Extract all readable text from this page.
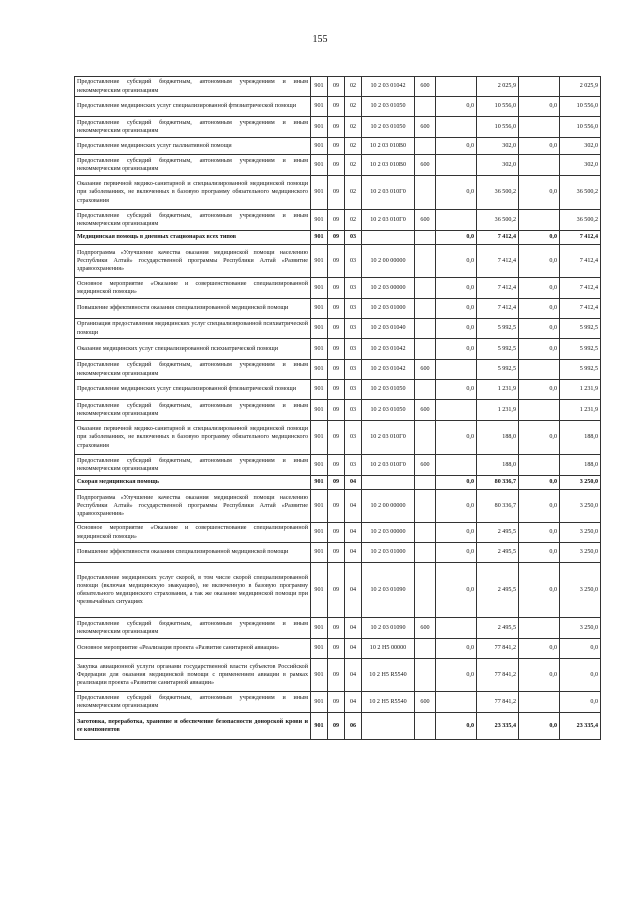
155
Предоставление субсидий бюджетным, автономным учреждениям и иным некоммерческим организациям	901	09	02	10 2 03 01042	600		2 025,9		2 025,9
Предоставление медицинских услуг специализированной фтизиатрической помощи	901	09	02	10 2 03 01050		0,0	10 556,0	0,0	10 556,0
Предоставление субсидий бюджетным, автономным учреждениям и иным некоммерческим организациям	901	09	02	10 2 03 01050	600		10 556,0		10 556,0
Предоставление медицинских услуг паллиативной помощи	901	09	02	10 2 03 010В0		0,0	302,0	0,0	302,0
Предоставление субсидий бюджетным, автономным учреждениям и иным некоммерческим организациям	901	09	02	10 2 03 010В0	600		302,0		302,0
Оказание первичной медико-санитарной и специализированной медицинской помощи при заболеваниях, не включенных в базовую программу обязательного медицинского страхования	901	09	02	10 2 03 010Г0		0,0	36 500,2	0,0	36 500,2
Предоставление субсидий бюджетным, автономным учреждениям и иным некоммерческим организациям	901	09	02	10 2 03 010Г0	600		36 500,2		36 500,2
Медицинская помощь в дневных стационарах всех типов	901	09	03			0,0	7 412,4	0,0	7 412,4
Подпрограмма «Улучшение качества оказания медицинской помощи населению Республики Алтай» государственной программы Республики Алтай «Развитие здравоохранения»	901	09	03	10 2 00 00000		0,0	7 412,4	0,0	7 412,4
Основное мероприятие «Оказание и совершенствование специализированной медицинской помощи»	901	09	03	10 2 03 00000		0,0	7 412,4	0,0	7 412,4
Повышение эффективности оказания специализированной медицинской помощи	901	09	03	10 2 03 01000		0,0	7 412,4	0,0	7 412,4
Организация предоставления медицинских услуг специализированной психиатрической помощи	901	09	03	10 2 03 01040		0,0	5 992,5	0,0	5 992,5
Оказание медицинских услуг специализированной психиатрической помощи	901	09	03	10 2 03 01042		0,0	5 992,5	0,0	5 992,5
Предоставление субсидий бюджетным, автономным учреждениям и иным некоммерческим организациям	901	09	03	10 2 03 01042	600		5 992,5		5 992,5
Предоставление медицинских услуг специализированной фтизиатрической помощи	901	09	03	10 2 03 01050		0,0	1 231,9	0,0	1 231,9
Предоставление субсидий бюджетным, автономным учреждениям и иным некоммерческим организациям	901	09	03	10 2 03 01050	600		1 231,9		1 231,9
Оказание первичной медико-санитарной и специализированной медицинской помощи при заболеваниях, не включенных в базовую программу обязательного медицинского страхования	901	09	03	10 2 03 010Г0		0,0	188,0	0,0	188,0
Предоставление субсидий бюджетным, автономным учреждениям и иным некоммерческим организациям	901	09	03	10 2 03 010Г0	600		188,0		188,0
Скорая медицинская помощь	901	09	04			0,0	80 336,7	0,0	3 250,0
Подпрограмма «Улучшение качества оказания медицинской помощи населению Республики Алтай» государственной программы Республики Алтай «Развитие здравоохранения»	901	09	04	10 2 00 00000		0,0	80 336,7	0,0	3 250,0
Основное мероприятие «Оказание и совершенствование специализированной медицинской помощи»	901	09	04	10 2 03 00000		0,0	2 495,5	0,0	3 250,0
Повышение эффективности оказания специализированной медицинской помощи	901	09	04	10 2 03 01000		0,0	2 495,5	0,0	3 250,0
Предоставление медицинских услуг скорой, в том числе скорой специализированной помощи (включая медицинскую эвакуацию), не включенную в базовую программу обязательного медицинского страхования, а так же оказание медицинской помощи при чрезвычайных ситуациях	901	09	04	10 2 03 01090		0,0	2 495,5	0,0	3 250,0
Предоставление субсидий бюджетным, автономным учреждениям и иным некоммерческим организациям	901	09	04	10 2 03 01090	600		2 495,5		3 250,0
Основное мероприятие «Реализация проекта «Развитие санитарной авиации»	901	09	04	10 2 H5 00000		0,0	77 841,2	0,0	0,0
Закупка авиационной услуги органами государственной власти субъектов Российской Федерации для оказания медицинской помощи с применением авиации в рамках реализации проекта «Развитие санитарной авиации»	901	09	04	10 2 H5 R5540		0,0	77 841,2	0,0	0,0
Предоставление субсидий бюджетным, автономным учреждениям и иным некоммерческим организациям	901	09	04	10 2 H5 R5540	600		77 841,2		0,0
Заготовка, переработка, хранение и обеспечение безопасности донорской крови и ее компонентов	901	09	06			0,0	23 335,4	0,0	23 335,4
